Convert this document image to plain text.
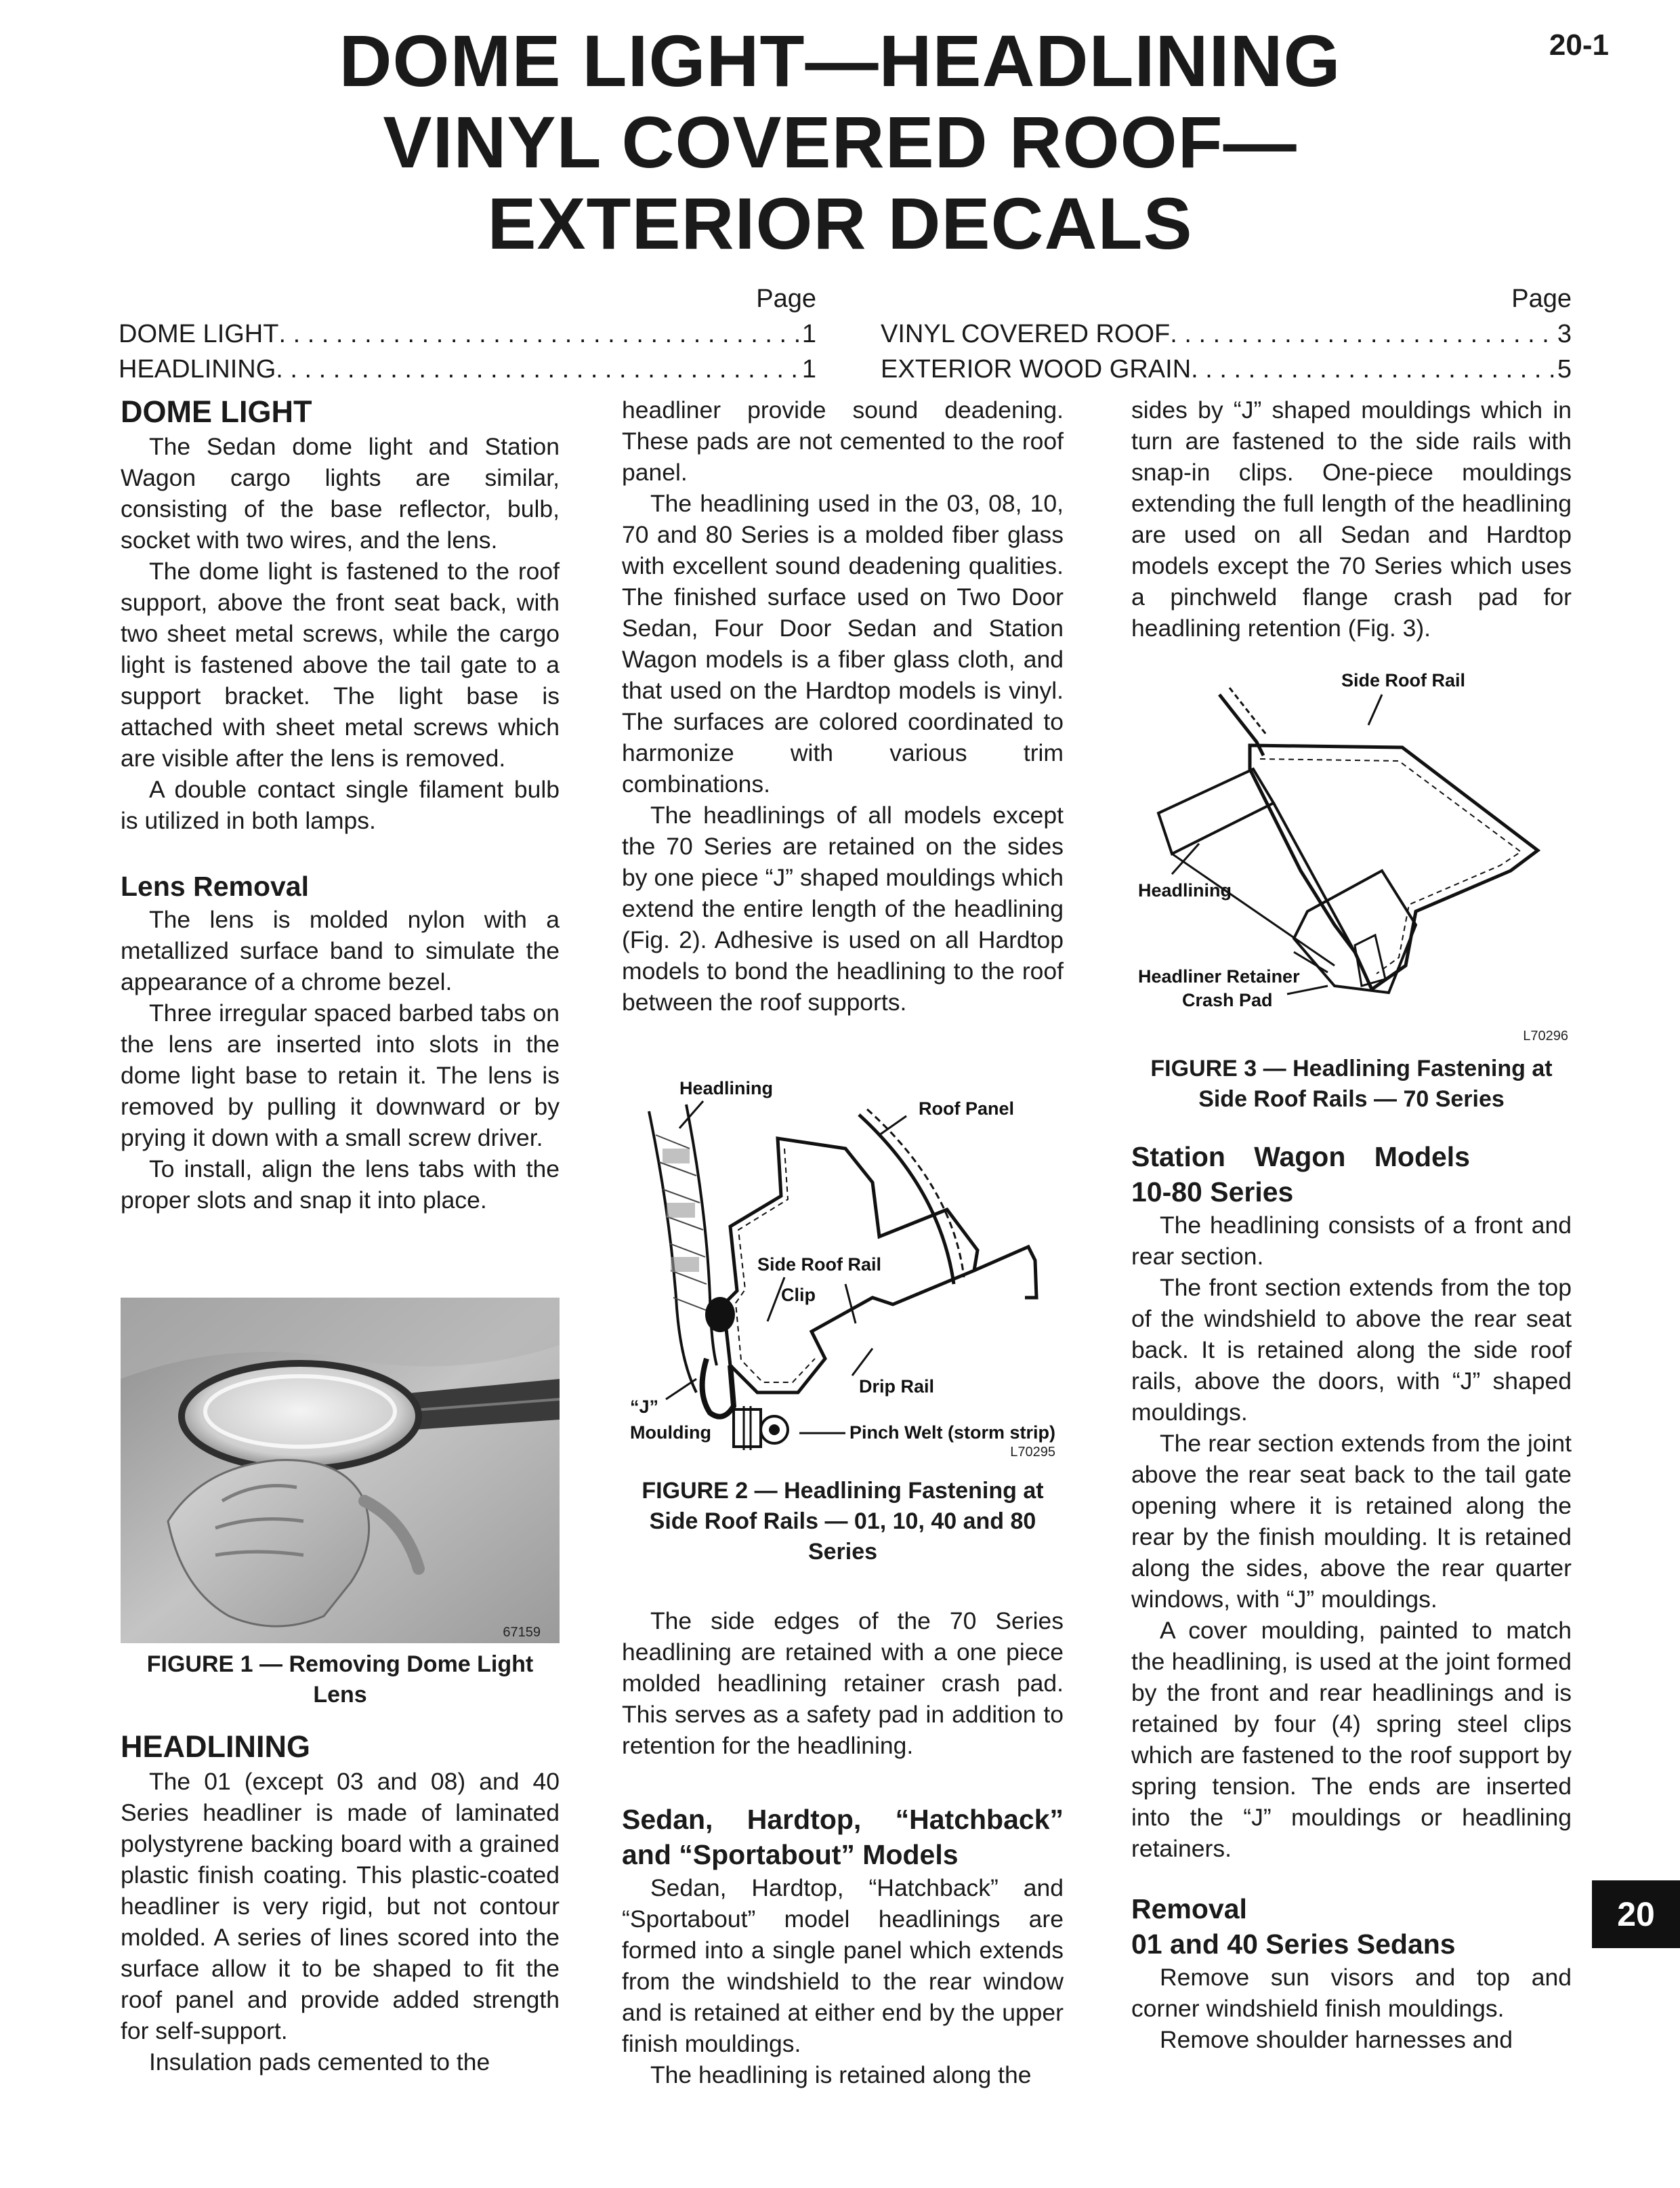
DOME LIGHT—HEADLINING
VINYL COVERED ROOF—
EXTERIOR DECALS
20-1
Page
DOME LIGHT . . .	1
HEADLINING . . .	1
Page
VINYL COVERED ROOF . . .	3
EXTERIOR WOOD GRAIN . . .	5
DOME LIGHT

The Sedan dome light and Station Wagon cargo lights are similar, consisting of the base reflector, bulb, socket with two wires, and the lens.

The dome light is fastened to the roof support, above the front seat back, with two sheet metal screws, while the cargo light is fastened above the tail gate to a support bracket. The light base is attached with sheet metal screws which are visible after the lens is removed.

A double contact single filament bulb is utilized in both lamps.

Lens Removal

The lens is molded nylon with a metallized surface band to simulate the appearance of a chrome bezel.

Three irregular spaced barbed tabs on the lens are inserted into slots in the dome light base to retain it. The lens is removed by pulling it downward or by prying it down with a small screw driver.

To install, align the lens tabs with the proper slots and snap it into place.

67159
FIGURE 1 — Removing Dome Light Lens
HEADLINING

The 01 (except 03 and 08) and 40 Series headliner is made of laminated polystyrene backing board with a grained plastic finish coating. This plastic-coated headliner is very rigid, but not contour molded. A series of lines scored into the surface allow it to be shaped to fit the roof panel and provide added strength for self-support.

Insulation pads cemented to the

headliner provide sound deadening. These pads are not cemented to the roof panel.

The headlining used in the 03, 08, 10, 70 and 80 Series is a molded fiber glass with excellent sound deadening qualities. The finished surface used on Two Door Sedan, Four Door Sedan and Station Wagon models is a fiber glass cloth, and that used on the Hardtop models is vinyl. The surfaces are colored coordinated to harmonize with various trim combinations.

The headlinings of all models except the 70 Series are retained on the sides by one piece “J” shaped mouldings which extend the entire length of the headlining (Fig. 2). Adhesive is used on all Hardtop models to bond the headlining to the roof between the roof supports.

Headlining
Roof Panel
Side Roof Rail
Clip
Drip Rail
“J”
Moulding	Pinch Welt (storm strip)
L70295
FIGURE 2 — Headlining Fastening at Side Roof Rails — 01, 10, 40 and 80 Series

The side edges of the 70 Series headlining are retained with a one piece molded headlining retainer crash pad. This serves as a safety pad in addition to retention for the headlining.

Sedan, Hardtop, “Hatchback” and “Sportabout” Models

Sedan, Hardtop, “Hatchback” and “Sportabout” model headlinings are formed into a single panel which extends from the windshield to the rear window and is retained at either end by the upper finish mouldings.

The headlining is retained along the

sides by “J” shaped mouldings which in turn are fastened to the side rails with snap-in clips. One-piece mouldings extending the full length of the headlining are used on all Sedan and Hardtop models except the 70 Series which uses a pinchweld flange crash pad for headlining retention (Fig. 3).

Side Roof Rail
Headlining
Headliner Retainer
Crash Pad
L70296
FIGURE 3 — Headlining Fastening at Side Roof Rails — 70 Series
Station Wagon Models 10-80 Series

The headlining consists of a front and rear section.

The front section extends from the top of the windshield to above the rear seat back. It is retained along the side roof rails, above the doors, with “J” shaped mouldings.

The rear section extends from the joint above the rear seat back to the tail gate opening where it is retained along the rear by the finish moulding. It is retained along the sides, above the rear quarter windows, with “J” mouldings.

A cover moulding, painted to match the headlining, is used at the joint formed by the front and rear headlinings and is retained by four (4) spring steel clips which are fastened to the roof support by spring tension. The ends are inserted into the “J” mouldings or headlining retainers.

Removal
01 and 40 Series Sedans

Remove sun visors and top and corner windshield finish mouldings.

Remove shoulder harnesses and

20
